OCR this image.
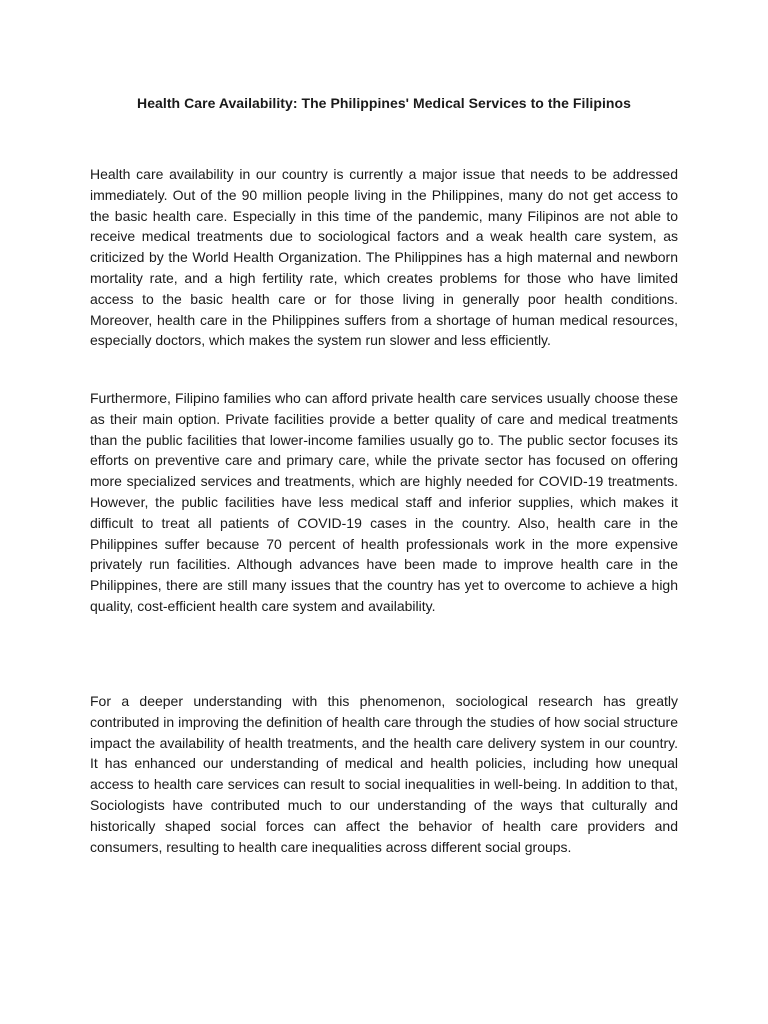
Health Care Availability: The Philippines' Medical Services to the Filipinos

Health care availability in our country is currently a major issue that needs to be addressed immediately. Out of the 90 million people living in the Philippines, many do not get access to the basic health care. Especially in this time of the pandemic, many Filipinos are not able to receive medical treatments due to sociological factors and a weak health care system, as criticized by the World Health Organization. The Philippines has a high maternal and newborn mortality rate, and a high fertility rate, which creates problems for those who have limited access to the basic health care or for those living in generally poor health conditions. Moreover, health care in the Philippines suffers from a shortage of human medical resources, especially doctors, which makes the system run slower and less efficiently.

Furthermore, Filipino families who can afford private health care services usually choose these as their main option. Private facilities provide a better quality of care and medical treatments than the public facilities that lower-income families usually go to. The public sector focuses its efforts on preventive care and primary care, while the private sector has focused on offering more specialized services and treatments, which are highly needed for COVID-19 treatments. However, the public facilities have less medical staff and inferior supplies, which makes it difficult to treat all patients of COVID-19 cases in the country. Also, health care in the Philippines suffer because 70 percent of health professionals work in the more expensive privately run facilities. Although advances have been made to improve health care in the Philippines, there are still many issues that the country has yet to overcome to achieve a high quality, cost-efficient health care system and availability.

For a deeper understanding with this phenomenon, sociological research has greatly contributed in improving the definition of health care through the studies of how social structure impact the availability of health treatments, and the health care delivery system in our country. It has enhanced our understanding of medical and health policies, including how unequal access to health care services can result to social inequalities in well-being. In addition to that, Sociologists have contributed much to our understanding of the ways that culturally and historically shaped social forces can affect the behavior of health care providers and consumers, resulting to health care inequalities across different social groups.
